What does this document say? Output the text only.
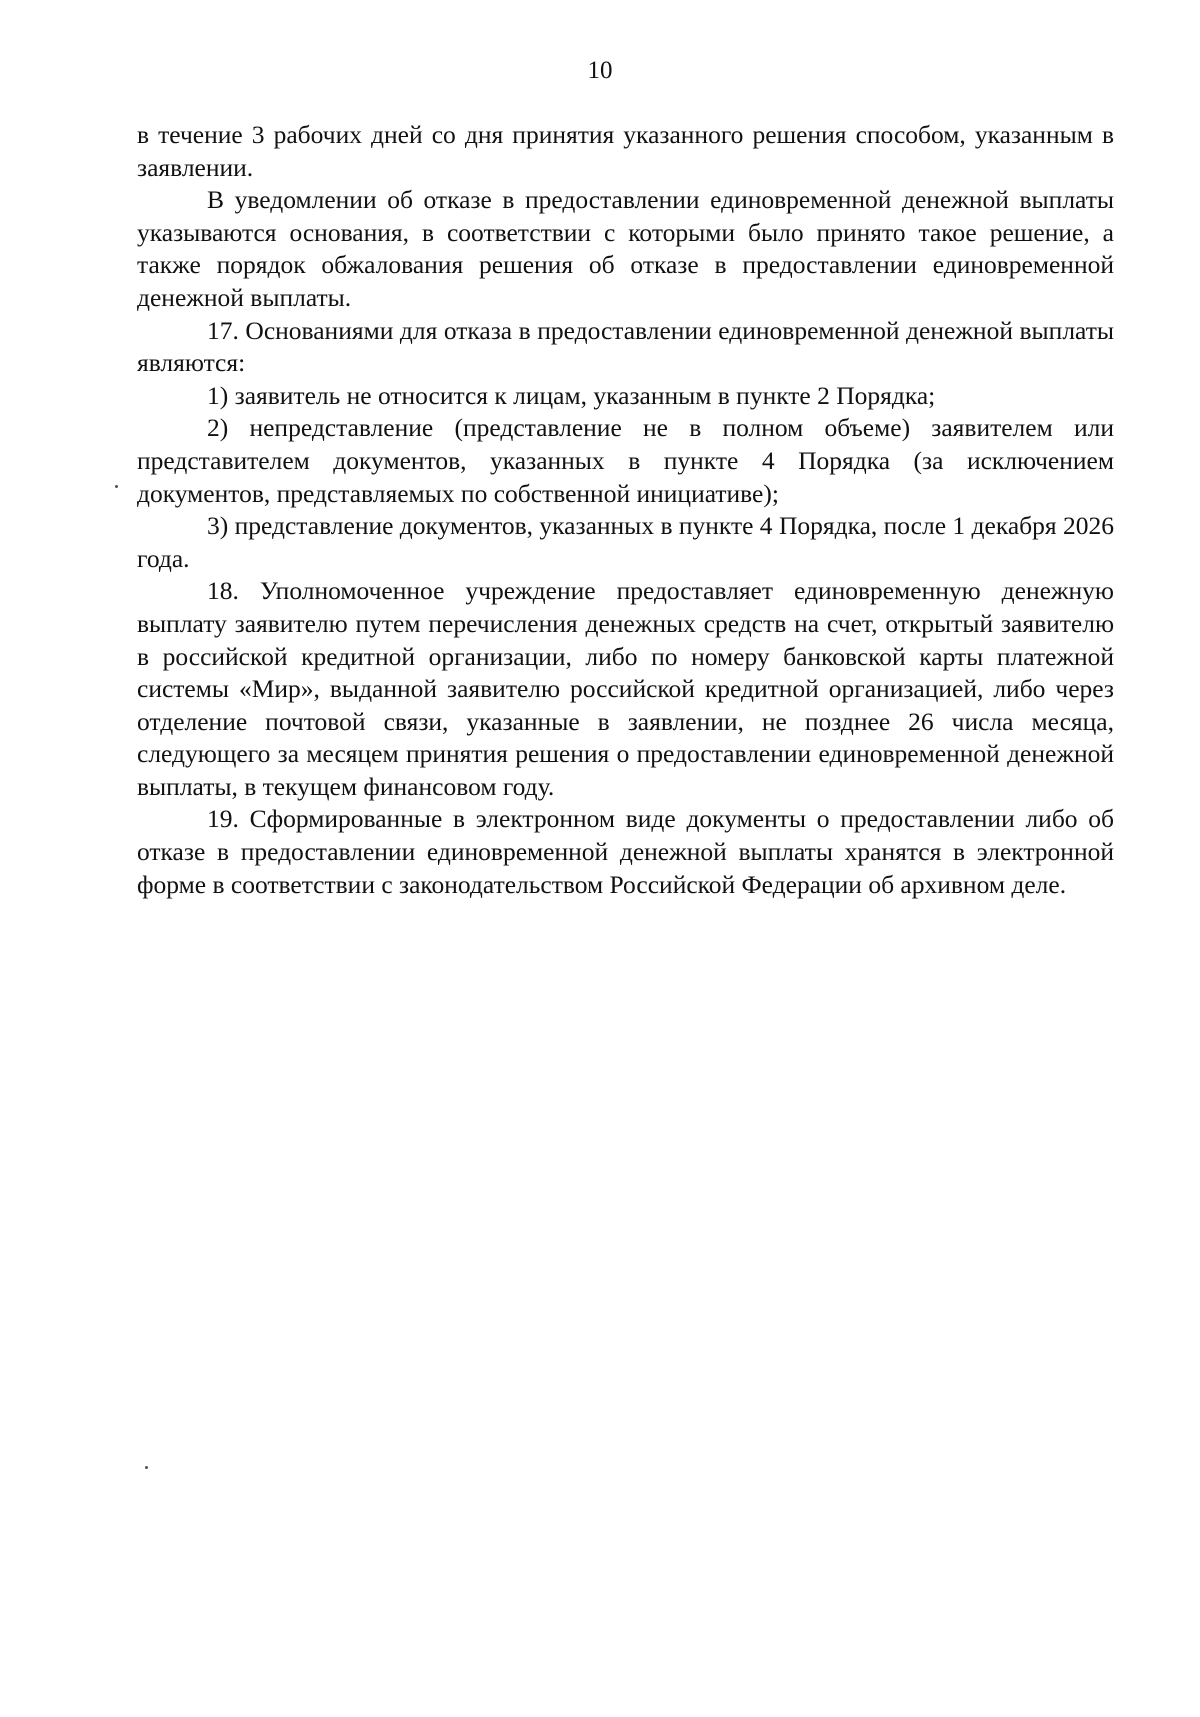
10

в течение 3 рабочих дней со дня принятия указанного решения способом, указанным в заявлении.

В уведомлении об отказе в предоставлении единовременной денежной выплаты указываются основания, в соответствии с которыми было принято такое решение, а также порядок обжалования решения об отказе в предоставлении единовременной денежной выплаты.

17. Основаниями для отказа в предоставлении единовременной денежной выплаты являются:

1) заявитель не относится к лицам, указанным в пункте 2 Порядка;

2) непредставление (представление не в полном объеме) заявителем или представителем документов, указанных в пункте 4 Порядка (за исключением документов, представляемых по собственной инициативе);

3) представление документов, указанных в пункте 4 Порядка, после 1 декабря 2026 года.

18. Уполномоченное учреждение предоставляет единовременную денежную выплату заявителю путем перечисления денежных средств на счет, открытый заявителю в российской кредитной организации, либо по номеру банковской карты платежной системы «Мир», выданной заявителю российской кредитной организацией, либо через отделение почтовой связи, указанные в заявлении, не позднее 26 числа месяца, следующего за месяцем принятия решения о предоставлении единовременной денежной выплаты, в текущем финансовом году.

19. Сформированные в электронном виде документы о предоставлении либо об отказе в предоставлении единовременной денежной выплаты хранятся в электронной форме в соответствии с законодательством Российской Федерации об архивном деле.
